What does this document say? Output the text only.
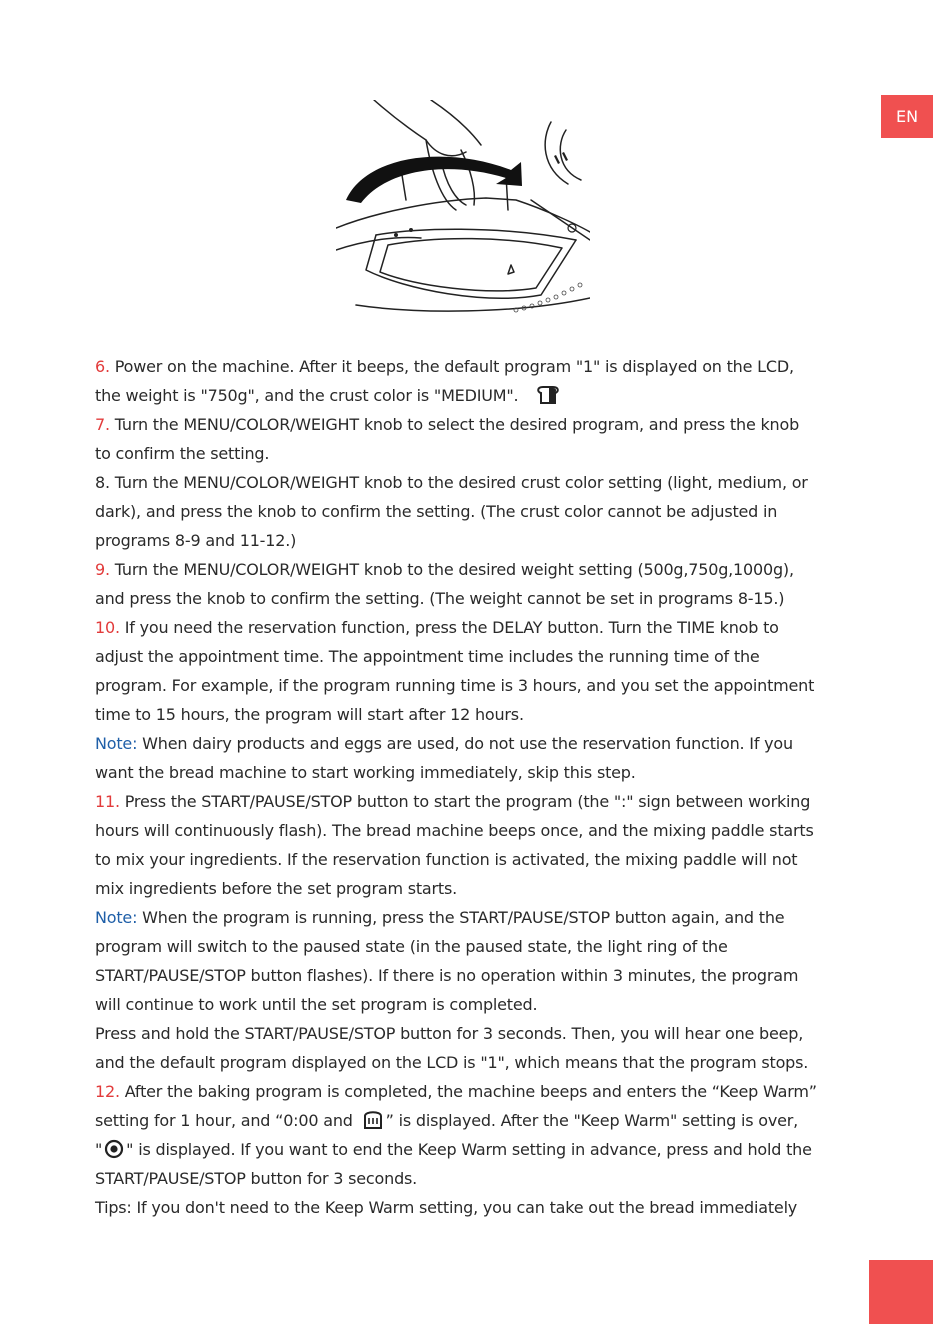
EN

6. Power on the machine. After it beeps, the default program "1" is displayed on the LCD,

the weight is "750g", and the crust color is "MEDIUM".

7. Turn the MENU/COLOR/WEIGHT knob to select the desired program, and press the knob

to confirm the setting.

8. Turn the MENU/COLOR/WEIGHT knob to the desired crust color setting (light, medium, or

dark), and press the knob to confirm the setting. (The crust color cannot be adjusted in

programs 8-9 and 11-12.)

9. Turn the MENU/COLOR/WEIGHT knob to the desired weight setting (500g,750g,1000g),

and press the knob to confirm the setting. (The weight cannot be set in programs 8-15.)

10. If you need the reservation function, press the DELAY button. Turn the TIME knob to

adjust the appointment time. The appointment time includes the running time of the

program. For example, if the program running time is 3 hours, and you set the appointment

time to 15 hours, the program will start after 12 hours.

Note: When dairy products and eggs are used, do not use the reservation function. If you

want the bread machine to start working immediately, skip this step.

11. Press the START/PAUSE/STOP button to start the program (the ":" sign between working

hours will continuously flash). The bread machine beeps once, and the mixing paddle starts

to mix your ingredients. If the reservation function is activated, the mixing paddle will not

mix ingredients before the set program starts.

Note: When the program is running, press the START/PAUSE/STOP button again, and the

program will switch to the paused state (in the paused state, the light ring of the

START/PAUSE/STOP button flashes). If there is no operation within 3 minutes, the program

will continue to work until the set program is completed.

Press and hold the START/PAUSE/STOP button for 3 seconds. Then, you will hear one beep,

and the default program displayed on the LCD is "1", which means that the program stops.

12. After the baking program is completed, the machine beeps and enters the “Keep Warm”

setting for 1 hour, and “0:00 and ” is displayed. After the "Keep Warm" setting is over,

" " is displayed. If you want to end the Keep Warm setting in advance, press and hold the

START/PAUSE/STOP button for 3 seconds.

Tips: If you don't need to the Keep Warm setting, you can take out the bread immediately
